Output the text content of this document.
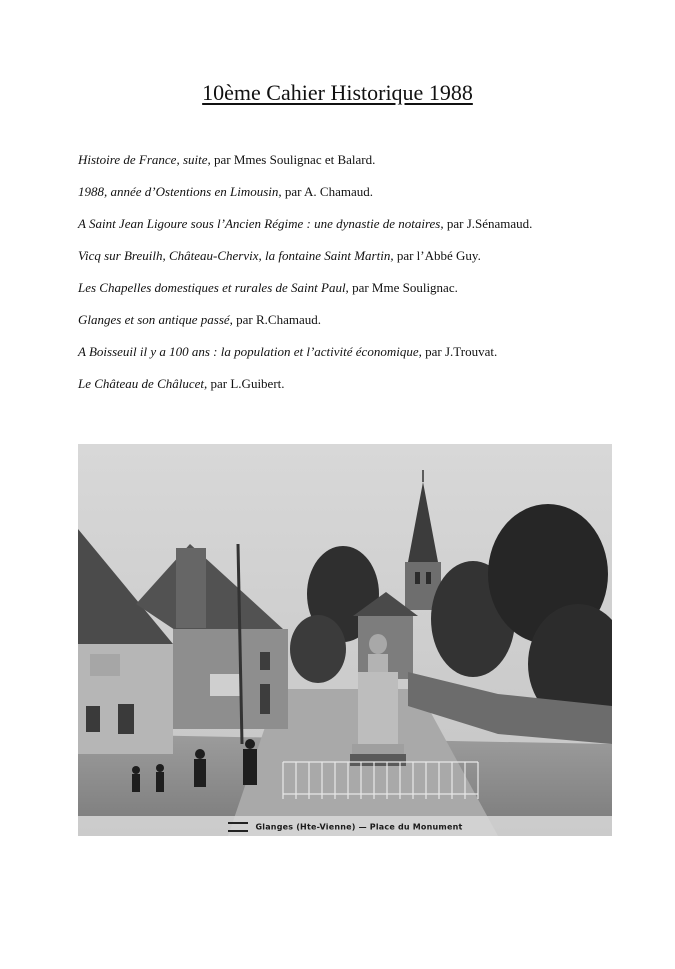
10ème Cahier Historique 1988
Histoire de France, suite, par Mmes Soulignac et Balard.
1988, année d’Ostentions en Limousin, par A. Chamaud.
A Saint Jean Ligoure sous l’Ancien Régime : une dynastie de notaires, par J.Sénamaud.
Vicq sur Breuilh, Château-Chervix, la fontaine Saint Martin, par l’Abbé Guy.
Les Chapelles domestiques et rurales de Saint Paul, par Mme Soulignac.
Glanges et son antique passé, par R.Chamaud.
A Boisseuil il y a 100 ans : la population et l’activité économique, par J.Trouvat.
Le Château de Châlucet, par L.Guibert.
Glanges (Hte-Vienne) — Place du Monument
